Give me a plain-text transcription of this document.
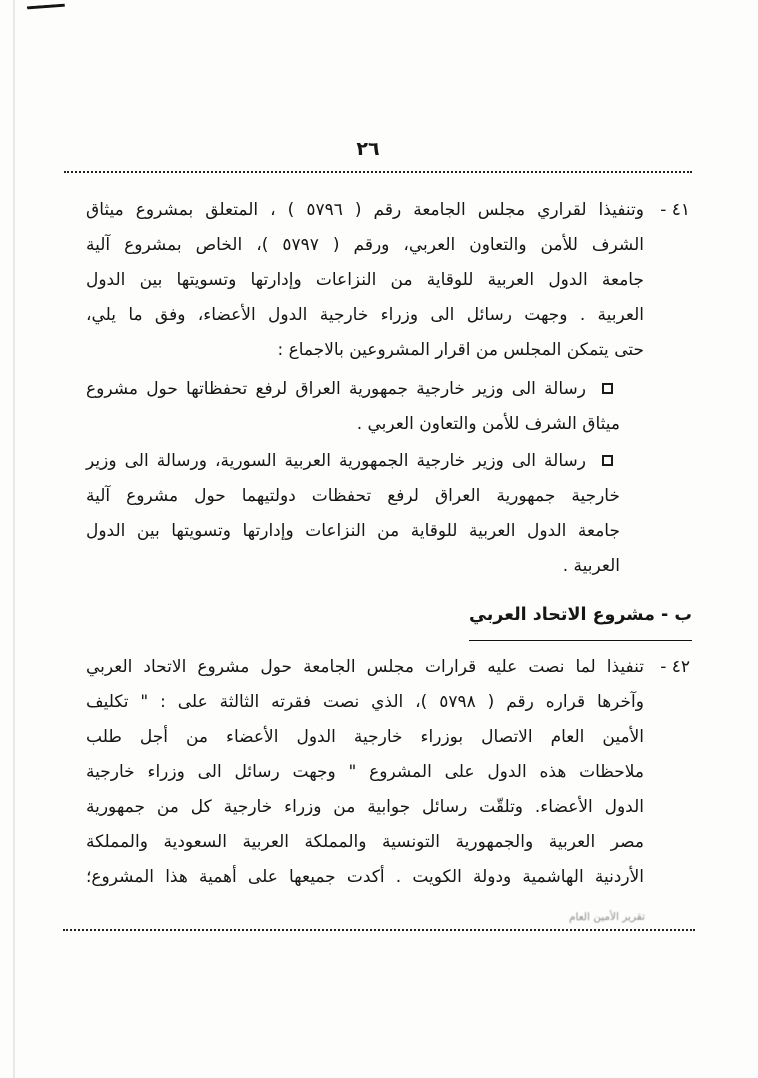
٢٦
٤١ -
وتنفيذا لقراري مجلس الجامعة رقم ( ٥٧٩٦ ) ، المتعلق بمشروع ميثاق
الشرف للأمن والتعاون العربي، ورقم ( ٥٧٩٧ )، الخاص بمشروع آلية
جامعة الدول العربية للوقاية من النزاعات وإدارتها وتسويتها بين الدول
العربية . وجهت رسائل الى وزراء خارجية الدول الأعضاء، وفق ما يلي،
حتى يتمكن المجلس من اقرار المشروعين بالاجماع :
رسالة الى وزير خارجية جمهورية العراق لرفع تحفظاتها حول مشروع
ميثاق الشرف للأمن والتعاون العربي .
رسالة الى وزير خارجية الجمهورية العربية السورية، ورسالة الى وزير
خارجية جمهورية العراق لرفع تحفظات دولتيهما حول مشروع آلية
جامعة الدول العربية للوقاية من النزاعات وإدارتها وتسويتها بين الدول
العربية .
ب - مشروع الاتحاد العربي
٤٢ -
تنفيذا لما نصت عليه قرارات مجلس الجامعة حول مشروع الاتحاد العربي
وآخرها قراره رقم ( ٥٧٩٨ )، الذي نصت فقرته الثالثة على : " تكليف
الأمين العام الاتصال بوزراء خارجية الدول الأعضاء من أجل طلب
ملاحظات هذه الدول على المشروع " وجهت رسائل الى وزراء خارجية
الدول الأعضاء. وتلقّت رسائل جوابية من وزراء خارجية كل من جمهورية
مصر العربية والجمهورية التونسية والمملكة العربية السعودية والمملكة
الأردنية الهاشمية ودولة الكويت . أكدت جميعها على أهمية هذا المشروع؛
تقرير الأمين العام
